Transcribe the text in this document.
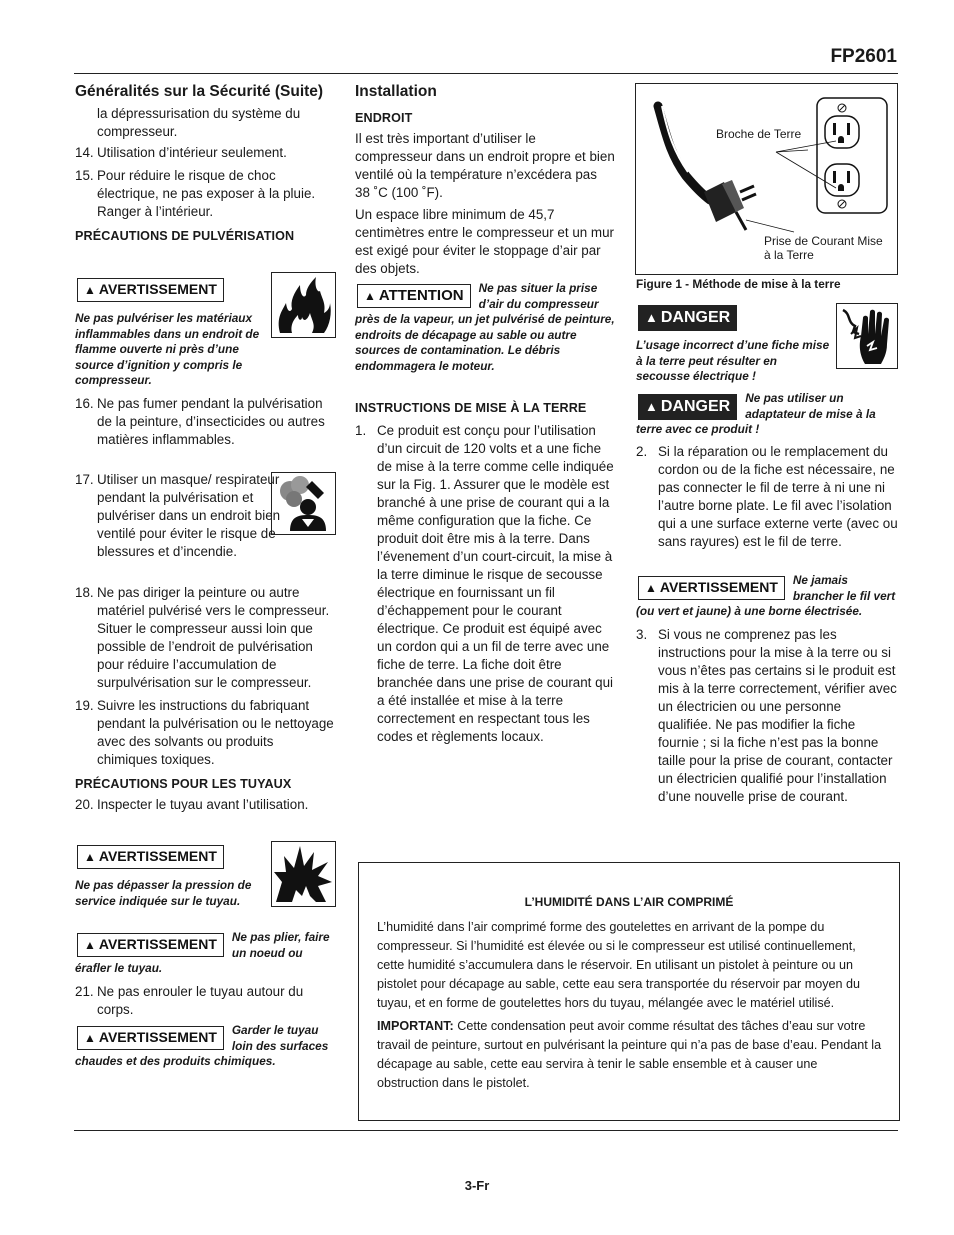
FP2601
3-Fr
Généralités sur la Sécurité (Suite)
la dépressurisation du système du compresseur.
14. Utilisation d’intérieur seulement.
15. Pour réduire le risque de choc électrique, ne pas exposer à la pluie. Ranger à l’intérieur.
PRÉCAUTIONS DE PULVÉRISATION
▲ AVERTISSEMENT
Ne pas pulvériser les matériaux inflammables dans un endroit de flamme ouverte ni près d’une source d’ignition y compris le compresseur.
16. Ne pas fumer pendant la pulvérisation de la peinture, d’insecticides ou autres matières inflammables.
17. Utiliser un masque/ respirateur pendant la pulvérisation et pulvériser dans un endroit bien ventilé pour éviter le risque de blessures et d’incendie.
18. Ne pas diriger la peinture ou autre matériel pulvérisé vers le compresseur. Situer le compresseur aussi loin que possible de l’endroit de pulvérisation pour réduire l’accumulation de surpulvérisation sur le compresseur.
19. Suivre les instructions du fabriquant pendant la pulvérisation ou le nettoyage avec des solvants ou produits chimiques toxiques.
PRÉCAUTIONS POUR LES TUYAUX
20. Inspecter le tuyau avant l’utilisation.
▲ AVERTISSEMENT
Ne pas dépasser la pression de service indiquée sur le tuyau.
▲ AVERTISSEMENT	Ne pas plier, faire un noeud ou érafler le tuyau.
21. Ne pas enrouler le tuyau autour du corps.
▲ AVERTISSEMENT	Garder le tuyau loin des surfaces chaudes et des produits chimiques.
Installation
ENDROIT

Il est très important d’utiliser le compresseur dans un endroit propre et bien ventilé où la température n’excédera pas 38 ˚C (100 ˚F).

Un espace libre minimum de 45,7 centimètres entre le compresseur et un mur est exigé pour éviter le stoppage d’air par des objets.

▲ ATTENTION	Ne pas situer la prise d’air du compresseur près de la vapeur, un jet pulvérisé de peinture, endroits de décapage au sable ou autre sources de contamination. Le débris endommagera le moteur.
INSTRUCTIONS DE MISE À LA TERRE
1. Ce produit est conçu pour l’utilisation d’un circuit de 120 volts et a une fiche de mise à la terre comme celle indiquée sur la Fig. 1. Assurer que le modèle est branché à une prise de courant qui a la même configuration que la fiche. Ce produit doit être mis à la terre. Dans l’évenement d’un court-circuit, la mise à la terre diminue le risque de secousse électrique en fournissant un fil d’échappement pour le courant électrique. Ce produit est équipé avec un cordon qui a un fil de terre avec une fiche de terre. La fiche doit être branchée dans une prise de courant qui a été installée et mise à la terre correctement en respectant tous les codes et règlements locaux.
Broche de Terre
Prise de Courant Mise à la Terre
Figure 1 - Méthode de mise à la terre
▲ DANGER
L’usage incorrect d’une fiche mise à la terre peut résulter en secousse électrique !
▲ DANGER	Ne pas utiliser un adaptateur de mise à la terre avec ce produit !
2. Si la réparation ou le remplacement du cordon ou de la fiche est nécessaire, ne pas connecter le fil de terre à ni une ni l’autre borne plate. Le fil avec l’isolation qui a une surface externe verte (avec ou sans rayures) est le fil de terre.
▲ AVERTISSEMENT	Ne jamais brancher le fil vert (ou vert et jaune) à une borne électrisée.
3. Si vous ne comprenez pas les instructions pour la mise à la terre ou si vous n’êtes pas certains si le produit est mis à la terre correctement, vérifier avec un électricien ou une personne qualifiée. Ne pas modifier la fiche fournie ; si la fiche n’est pas la bonne taille pour la prise de courant, contacter un électricien qualifié pour l’installation d’une nouvelle prise de courant.
L’HUMIDITÉ DANS L’AIR COMPRIMÉ

L’humidité dans l’air comprimé forme des goutelettes en arrivant de la pompe du compresseur. Si l’humidité est élevée ou si le compresseur est utilisé continuellement, cette humidité s’accumulera dans le réservoir. En utilisant un pistolet à peinture ou un pistolet pour décapage au sable, cette eau sera transportée du réservoir par moyen du tuyau, et en forme de goutelettes hors du tuyau, mélangée avec le matériel utilisé.

IMPORTANT: Cette condensation peut avoir comme résultat des tâches d’eau sur votre travail de peinture, surtout en pulvérisant la peinture qui n’a pas de base d’eau. Pendant la décapage au sable, cette eau servira à tenir le sable ensemble et à causer une obstruction dans le pistolet.
